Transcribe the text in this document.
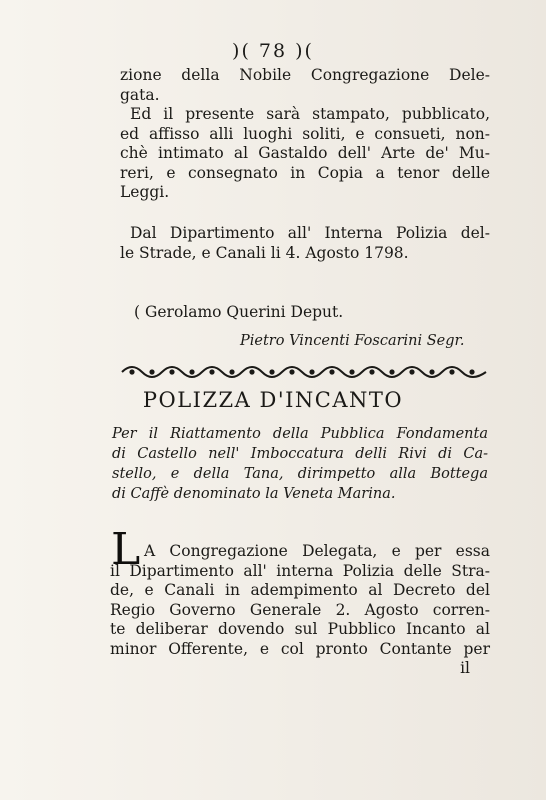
)( 78 )(
zione della Nobile Congregazione Dele-
gata.
Ed il presente sarà stampato, pubblicato,
ed affisso alli luoghi soliti, e consueti, non-
chè intimato al Gastaldo dell' Arte de' Mu-
reri, e consegnato in Copia a tenor delle
Leggi.
Dal Dipartimento all' Interna Polizia del-
le Strade, e Canali li 4. Agosto 1798.
( Gerolamo Querini Deput.
Pietro Vincenti Foscarini Segr.
POLIZZA D'INCANTO
Per il Riattamento della Pubblica Fondamenta
di Castello nell' Imboccatura delli Rivi di Ca-
stello, e della Tana, dirimpetto alla Bottega
di Caffè denominato la Veneta Marina.
L A Congregazione Delegata, e per essa
il Dipartimento all' interna Polizia delle Stra-
de, e Canali in adempimento al Decreto del
Regio Governo Generale 2. Agosto corren-
te deliberar dovendo sul Pubblico Incanto al
minor Offerente, e col pronto Contante per
il
